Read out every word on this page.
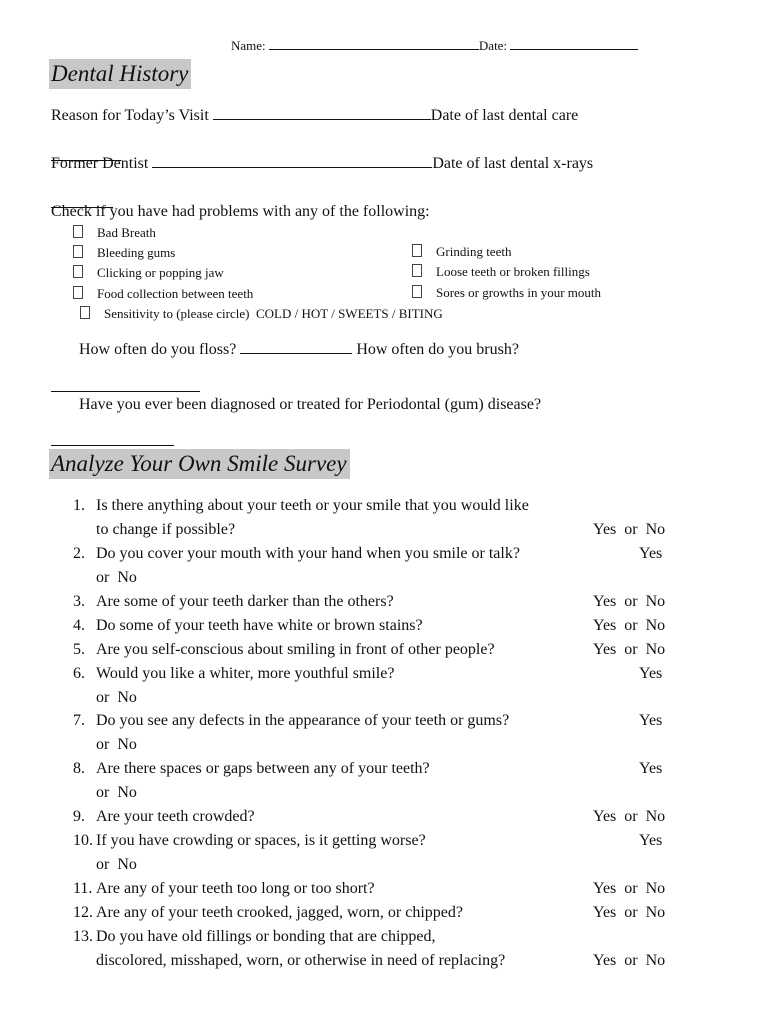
Name:	Date:
Dental History
Reason for Today’s Visit	Date of last dental care
Former Dentist	Date of last dental x-rays
Check if you have had problems with any of the following:
Bad Breath
Bleeding gums
Clicking or popping jaw
Food collection between teeth
Grinding teeth
Loose teeth or broken fillings
Sores or growths in your mouth
Sensitivity to (please circle) COLD / HOT / SWEETS / BITING
How often do you floss?	How often do you brush?
Have you ever been diagnosed or treated for Periodontal (gum) disease?
Analyze Your Own Smile Survey
1. Is there anything about your teeth or your smile that you would like
to change if possible?	Yes or No
2. Do you cover your mouth with your hand when you smile or talk?	Yes
or No
3. Are some of your teeth darker than the others?	Yes or No
4. Do some of your teeth have white or brown stains?	Yes or No
5. Are you self-conscious about smiling in front of other people?	Yes or No
6. Would you like a whiter, more youthful smile?	Yes
or No
7. Do you see any defects in the appearance of your teeth or gums?	Yes
or No
8. Are there spaces or gaps between any of your teeth?	Yes
or No
9. Are your teeth crowded?	Yes or No
10. If you have crowding or spaces, is it getting worse?	Yes
or No
11. Are any of your teeth too long or too short?	Yes or No
12. Are any of your teeth crooked, jagged, worn, or chipped?	Yes or No
13. Do you have old fillings or bonding that are chipped,
discolored, misshaped, worn, or otherwise in need of replacing?	Yes or No
